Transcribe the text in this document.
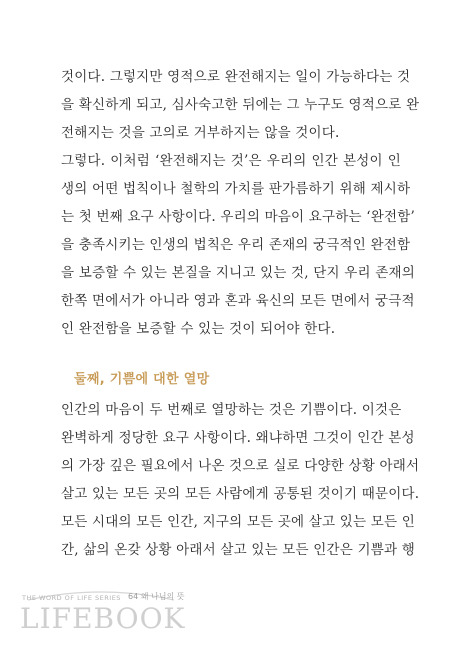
것이다. 그렇지만 영적으로 완전해지는 일이 가능하다는 것
을 확신하게 되고, 심사숙고한 뒤에는 그 누구도 영적으로 완
전해지는 것을 고의로 거부하지는 않을 것이다.
그렇다. 이처럼 ‘완전해지는 것’은 우리의 인간 본성이 인
생의 어떤 법칙이나 철학의 가치를 판가름하기 위해 제시하
는 첫 번째 요구 사항이다. 우리의 마음이 요구하는 ‘완전함’
을 충족시키는 인생의 법칙은 우리 존재의 궁극적인 완전함
을 보증할 수 있는 본질을 지니고 있는 것, 단지 우리 존재의
한쪽 면에서가 아니라 영과 혼과 육신의 모든 면에서 궁극적
인 완전함을 보증할 수 있는 것이 되어야 한다.
둘째, 기쁨에 대한 열망
인간의 마음이 두 번째로 열망하는 것은 기쁨이다. 이것은
완벽하게 정당한 요구 사항이다. 왜냐하면 그것이 인간 본성
의 가장 깊은 필요에서 나온 것으로 실로 다양한 상황 아래서
살고 있는 모든 곳의 모든 사람에게 공통된 것이기 때문이다.
모든 시대의 모든 인간, 지구의 모든 곳에 살고 있는 모든 인
간, 삶의 온갖 상황 아래서 살고 있는 모든 인간은 기쁨과 행
THE WORD OF LIFE SERIES 64 왜 나님의 뜻
LIFEBOOK
